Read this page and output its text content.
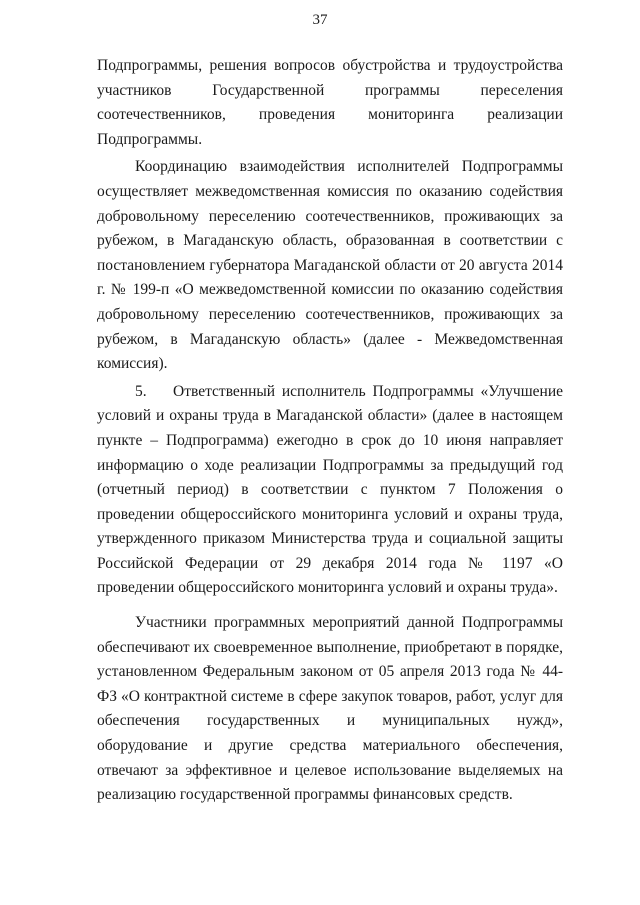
37

Подпрограммы, решения вопросов обустройства и трудоустройства участников Государственной программы переселения соотечественников, проведения мониторинга реализации Подпрограммы.

Координацию взаимодействия исполнителей Подпрограммы осуществляет межведомственная комиссия по оказанию содействия добровольному переселению соотечественников, проживающих за рубежом, в Магаданскую область, образованная в соответствии с постановлением губернатора Магаданской области от 20 августа 2014 г. № 199-п «О межведомственной комиссии по оказанию содействия добровольному переселению соотечественников, проживающих за рубежом, в Магаданскую область» (далее - Межведомственная комиссия).

5. Ответственный исполнитель Подпрограммы «Улучшение условий и охраны труда в Магаданской области» (далее в настоящем пункте – Подпрограмма) ежегодно в срок до 10 июня направляет информацию о ходе реализации Подпрограммы за предыдущий год (отчетный период) в соответствии с пунктом 7 Положения о проведении общероссийского мониторинга условий и охраны труда, утвержденного приказом Министерства труда и социальной защиты Российской Федерации от 29 декабря 2014 года № 1197 «О проведении общероссийского мониторинга условий и охраны труда».

Участники программных мероприятий данной Подпрограммы обеспечивают их своевременное выполнение, приобретают в порядке, установленном Федеральным законом от 05 апреля 2013 года № 44-ФЗ «О контрактной системе в сфере закупок товаров, работ, услуг для обеспечения государственных и муниципальных нужд», оборудование и другие средства материального обеспечения, отвечают за эффективное и целевое использование выделяемых на реализацию государственной программы финансовых средств.
